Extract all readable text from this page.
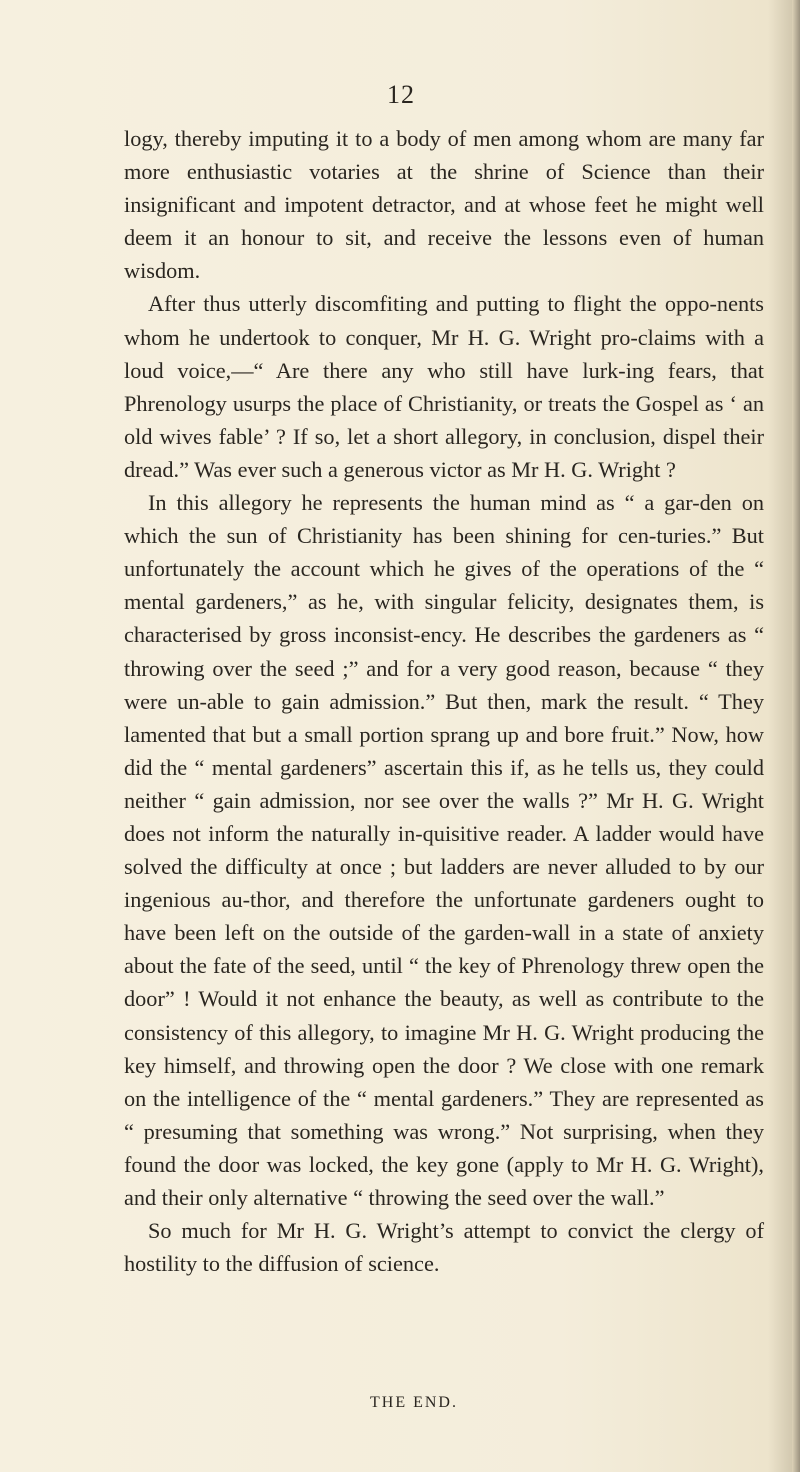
12

logy, thereby imputing it to a body of men among whom are many far more enthusiastic votaries at the shrine of Science than their insignificant and impotent detractor, and at whose feet he might well deem it an honour to sit, and receive the lessons even of human wisdom.

After thus utterly discomfiting and putting to flight the oppo-nents whom he undertook to conquer, Mr H. G. Wright pro-claims with a loud voice,—“ Are there any who still have lurk-ing fears, that Phrenology usurps the place of Christianity, or treats the Gospel as ‘ an old wives fable’ ? If so, let a short allegory, in conclusion, dispel their dread.” Was ever such a generous victor as Mr H. G. Wright ?

In this allegory he represents the human mind as “ a gar-den on which the sun of Christianity has been shining for cen-turies.” But unfortunately the account which he gives of the operations of the “ mental gardeners,” as he, with singular felicity, designates them, is characterised by gross inconsist-ency. He describes the gardeners as “ throwing over the seed ;” and for a very good reason, because “ they were un-able to gain admission.” But then, mark the result. “ They lamented that but a small portion sprang up and bore fruit.” Now, how did the “ mental gardeners” ascertain this if, as he tells us, they could neither “ gain admission, nor see over the walls ?” Mr H. G. Wright does not inform the naturally in-quisitive reader. A ladder would have solved the difficulty at once ; but ladders are never alluded to by our ingenious au-thor, and therefore the unfortunate gardeners ought to have been left on the outside of the garden-wall in a state of anxiety about the fate of the seed, until “ the key of Phrenology threw open the door” ! Would it not enhance the beauty, as well as contribute to the consistency of this allegory, to imagine Mr H. G. Wright producing the key himself, and throwing open the door ? We close with one remark on the intelligence of the “ mental gardeners.” They are represented as “ presuming that something was wrong.” Not surprising, when they found the door was locked, the key gone (apply to Mr H. G. Wright), and their only alternative “ throwing the seed over the wall.”

So much for Mr H. G. Wright’s attempt to convict the clergy of hostility to the diffusion of science.

THE END.
